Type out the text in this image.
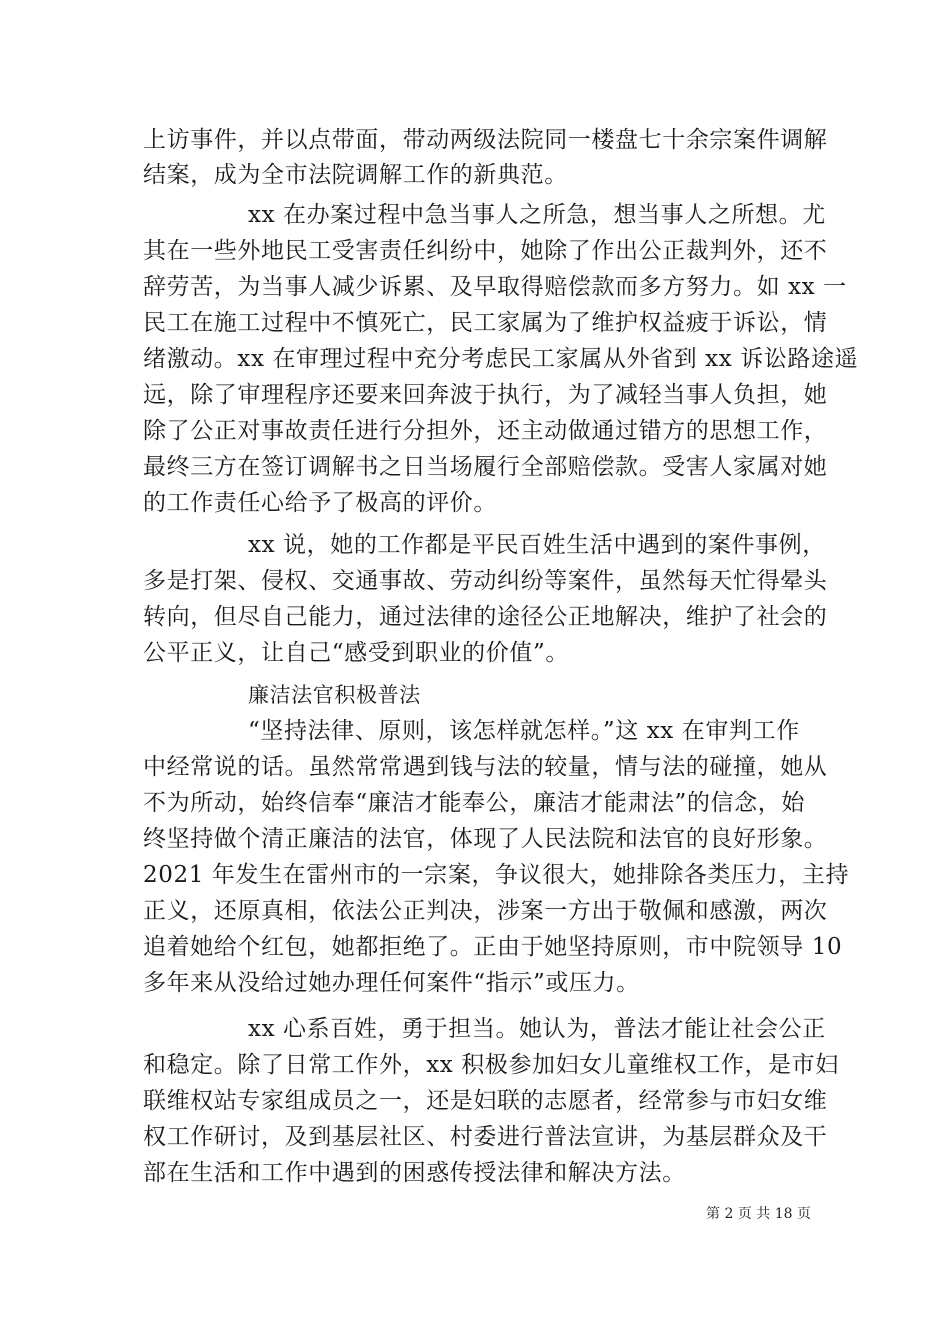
上访事件，并以点带面，带动两级法院同一楼盘七十余宗案件调解
结案，成为全市法院调解工作的新典范。
xx 在办案过程中急当事人之所急，想当事人之所想。尤
其在一些外地民工受害责任纠纷中，她除了作出公正裁判外，还不
辞劳苦，为当事人减少诉累、及早取得赔偿款而多方努力。如 xx 一
民工在施工过程中不慎死亡，民工家属为了维护权益疲于诉讼，情
绪激动。xx 在审理过程中充分考虑民工家属从外省到 xx 诉讼路途遥
远，除了审理程序还要来回奔波于执行，为了减轻当事人负担，她
除了公正对事故责任进行分担外，还主动做通过错方的思想工作，
最终三方在签订调解书之日当场履行全部赔偿款。受害人家属对她
的工作责任心给予了极高的评价。
xx 说，她的工作都是平民百姓生活中遇到的案件事例，
多是打架、侵权、交通事故、劳动纠纷等案件，虽然每天忙得晕头
转向，但尽自己能力，通过法律的途径公正地解决，维护了社会的
公平正义，让自己“感受到职业的价值”。
廉洁法官积极普法
“坚持法律、原则，该怎样就怎样。”这 xx 在审判工作
中经常说的话。虽然常常遇到钱与法的较量，情与法的碰撞，她从
不为所动，始终信奉“廉洁才能奉公，廉洁才能肃法”的信念，始
终坚持做个清正廉洁的法官，体现了人民法院和法官的良好形象。
2021 年发生在雷州市的一宗案，争议很大，她排除各类压力，主持
正义，还原真相，依法公正判决，涉案一方出于敬佩和感激，两次
追着她给个红包，她都拒绝了。正由于她坚持原则，市中院领导 10
多年来从没给过她办理任何案件“指示”或压力。
xx 心系百姓，勇于担当。她认为，普法才能让社会公正
和稳定。除了日常工作外，xx 积极参加妇女儿童维权工作，是市妇
联维权站专家组成员之一，还是妇联的志愿者，经常参与市妇女维
权工作研讨，及到基层社区、村委进行普法宣讲，为基层群众及干
部在生活和工作中遇到的困惑传授法律和解决方法。
第 2 页 共 18 页
